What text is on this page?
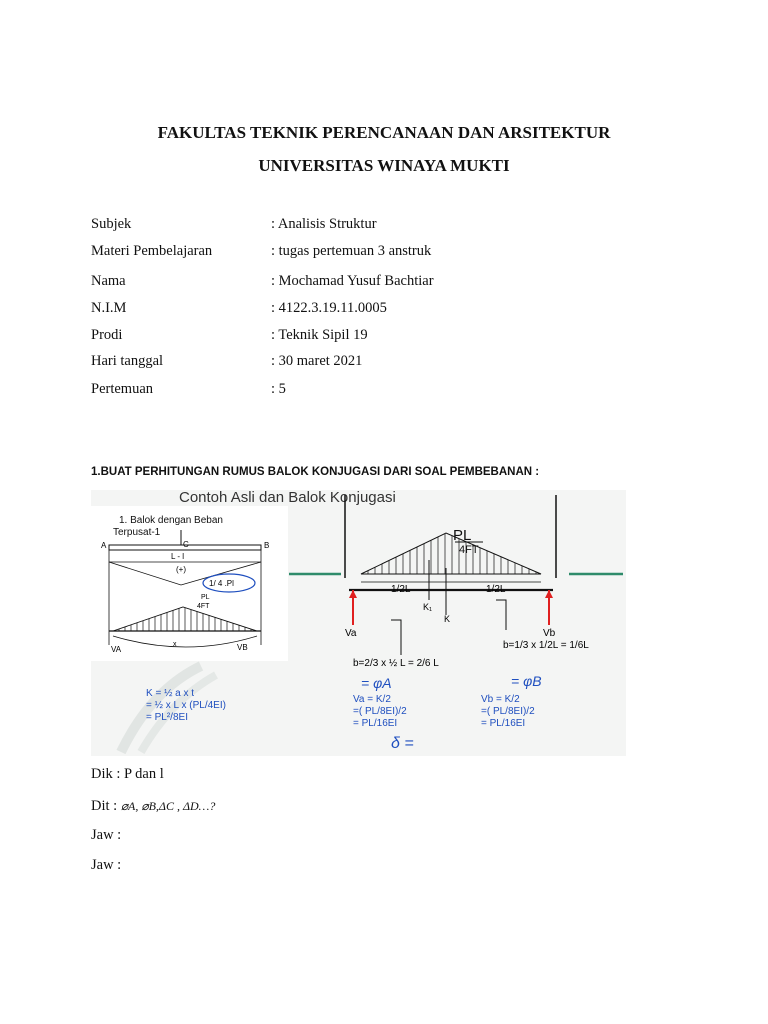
FAKULTAS TEKNIK PERENCANAAN DAN ARSITEKTUR
UNIVERSITAS WINAYA MUKTI
Subjek	: Analisis Struktur
Materi Pembelajaran	: tugas pertemuan 3 anstruk
Nama	: Mochamad Yusuf Bachtiar
N.I.M	: 4122.3.19.11.0005
Prodi	: Teknik Sipil 19
Hari tanggal	: 30 maret 2021
Pertemuan	: 5
1.BUAT PERHITUNGAN RUMUS BALOK KONJUGASI DARI SOAL PEMBEBANAN :
Contoh Asli dan Balok Konjugasi
1. Balok dengan Beban
Terpusat-1
A	B
C
L - l
(+)
1/ 4 .Pl
PL
4FT
VA	VB
x
PL
4FT
1/2L	1/2L
Va	Vb
K₁
K
b=1/3 x 1/2L = 1/6L
b=2/3 x ½ L = 2/6 L
K = ½ a x t
= ½ x L x (PL/4EI)
= PL²/8EI
Va = K/2
=( PL/8EI)/2
= PL/16EI
Vb = K/2
=( PL/8EI)/2
= PL/16EI
= φA	= φB
δ =
Dik : P dan l
Dit : ⌀A, ⌀B,ΔC , ΔD…?
Jaw :
Jaw :
